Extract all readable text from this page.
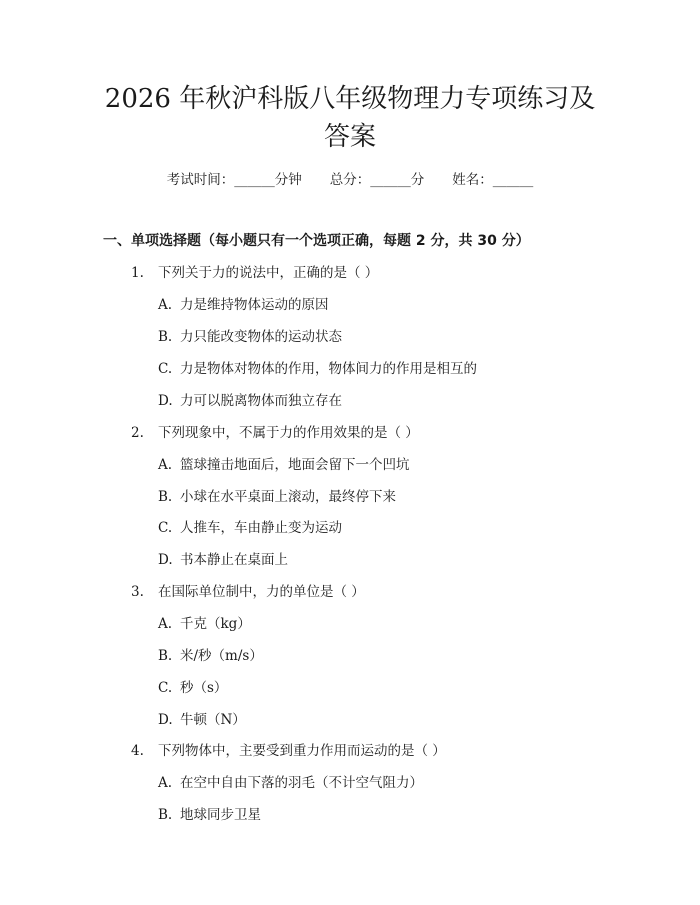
2026 年秋沪科版八年级物理力专项练习及答案
考试时间：______分钟 总分：______分 姓名：______
一、单项选择题（每小题只有一个选项正确，每题 2 分，共 30 分）
1. 下列关于力的说法中，正确的是（ ）
A. 力是维持物体运动的原因
B. 力只能改变物体的运动状态
C. 力是物体对物体的作用，物体间力的作用是相互的
D. 力可以脱离物体而独立存在
2. 下列现象中，不属于力的作用效果的是（ ）
A. 篮球撞击地面后，地面会留下一个凹坑
B. 小球在水平桌面上滚动，最终停下来
C. 人推车，车由静止变为运动
D. 书本静止在桌面上
3. 在国际单位制中，力的单位是（ ）
A. 千克（kg）
B. 米/秒（m/s）
C. 秒（s）
D. 牛顿（N）
4. 下列物体中，主要受到重力作用而运动的是（ ）
A. 在空中自由下落的羽毛（不计空气阻力）
B. 地球同步卫星
